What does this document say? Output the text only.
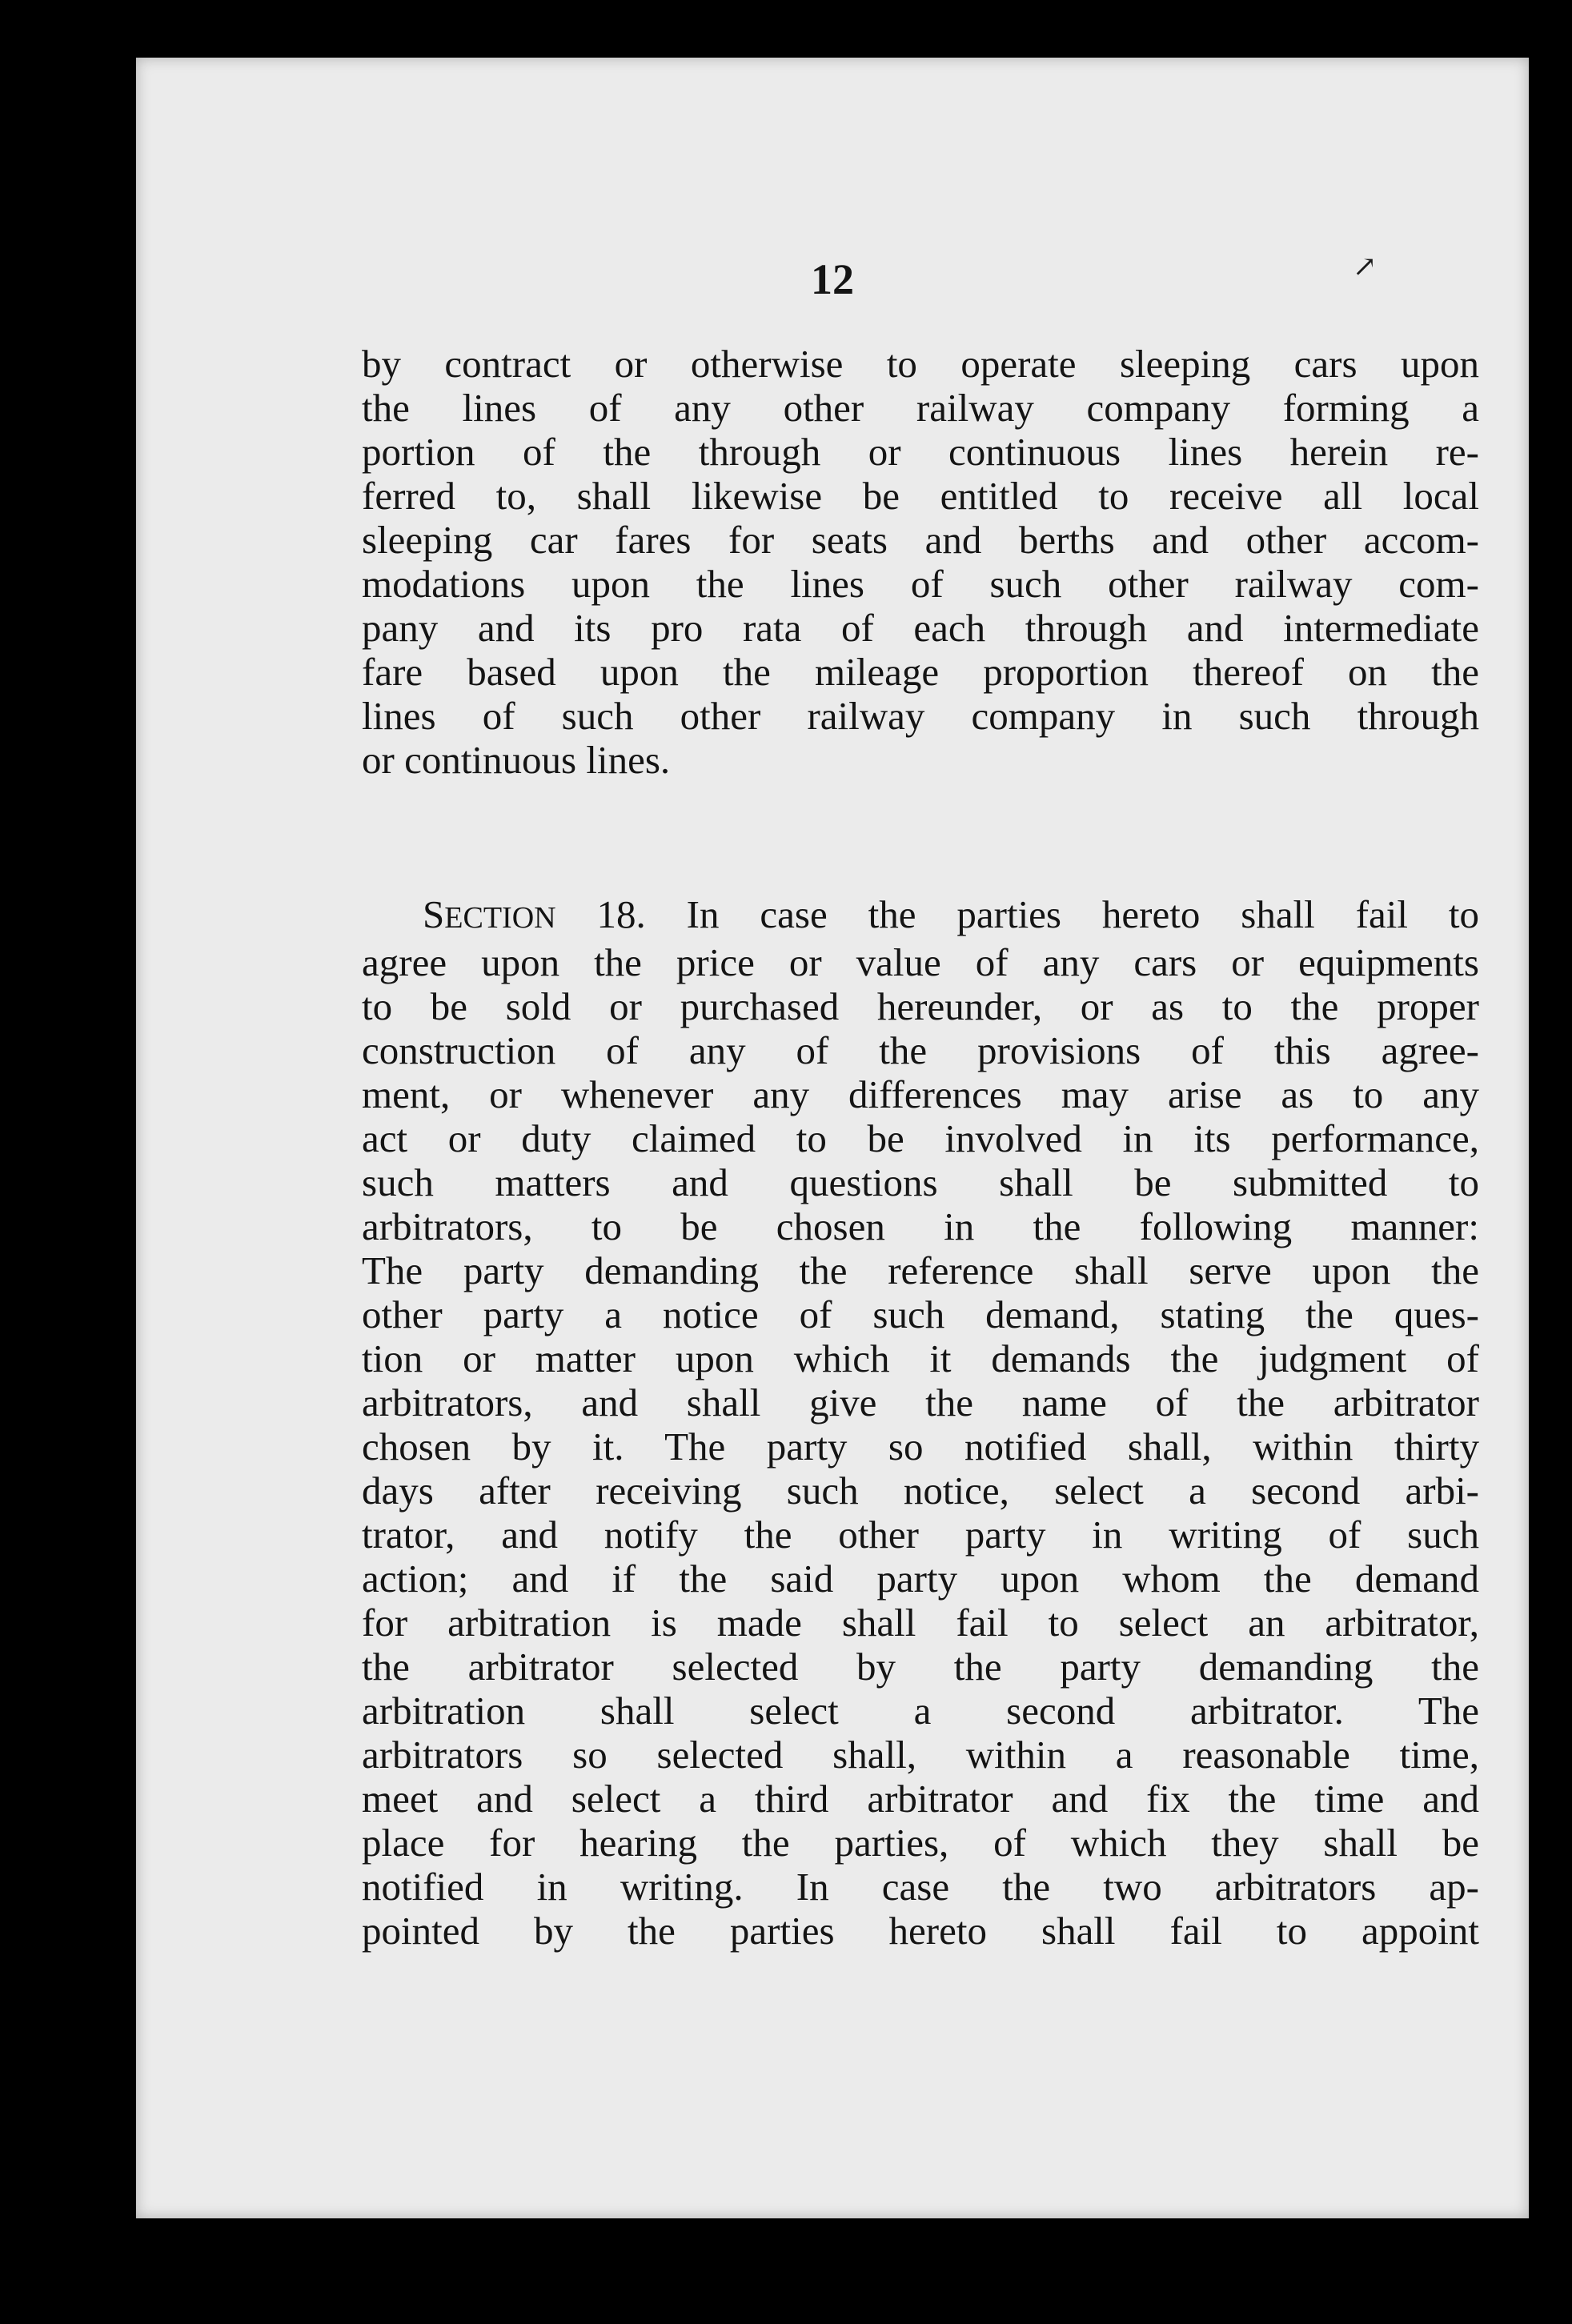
12
by contract or otherwise to operate sleeping cars upon
the lines of any other railway company forming a
portion of the through or continuous lines herein re-
ferred to, shall likewise be entitled to receive all local
sleeping car fares for seats and berths and other accom-
modations upon the lines of such other railway com-
pany and its pro rata of each through and intermediate
fare based upon the mileage proportion thereof on the
lines of such other railway company in such through
or continuous lines.
SECTION 18. In case the parties hereto shall fail to
agree upon the price or value of any cars or equipments
to be sold or purchased hereunder, or as to the proper
construction of any of the provisions of this agree-
ment, or whenever any differences may arise as to any
act or duty claimed to be involved in its performance,
such matters and questions shall be submitted to
arbitrators, to be chosen in the following manner:
The party demanding the reference shall serve upon the
other party a notice of such demand, stating the ques-
tion or matter upon which it demands the judgment of
arbitrators, and shall give the name of the arbitrator
chosen by it. The party so notified shall, within thirty
days after receiving such notice, select a second arbi-
trator, and notify the other party in writing of such
action; and if the said party upon whom the demand
for arbitration is made shall fail to select an arbitrator,
the arbitrator selected by the party demanding the
arbitration shall select a second arbitrator. The
arbitrators so selected shall, within a reasonable time,
meet and select a third arbitrator and fix the time and
place for hearing the parties, of which they shall be
notified in writing. In case the two arbitrators ap-
pointed by the parties hereto shall fail to appoint
↗
